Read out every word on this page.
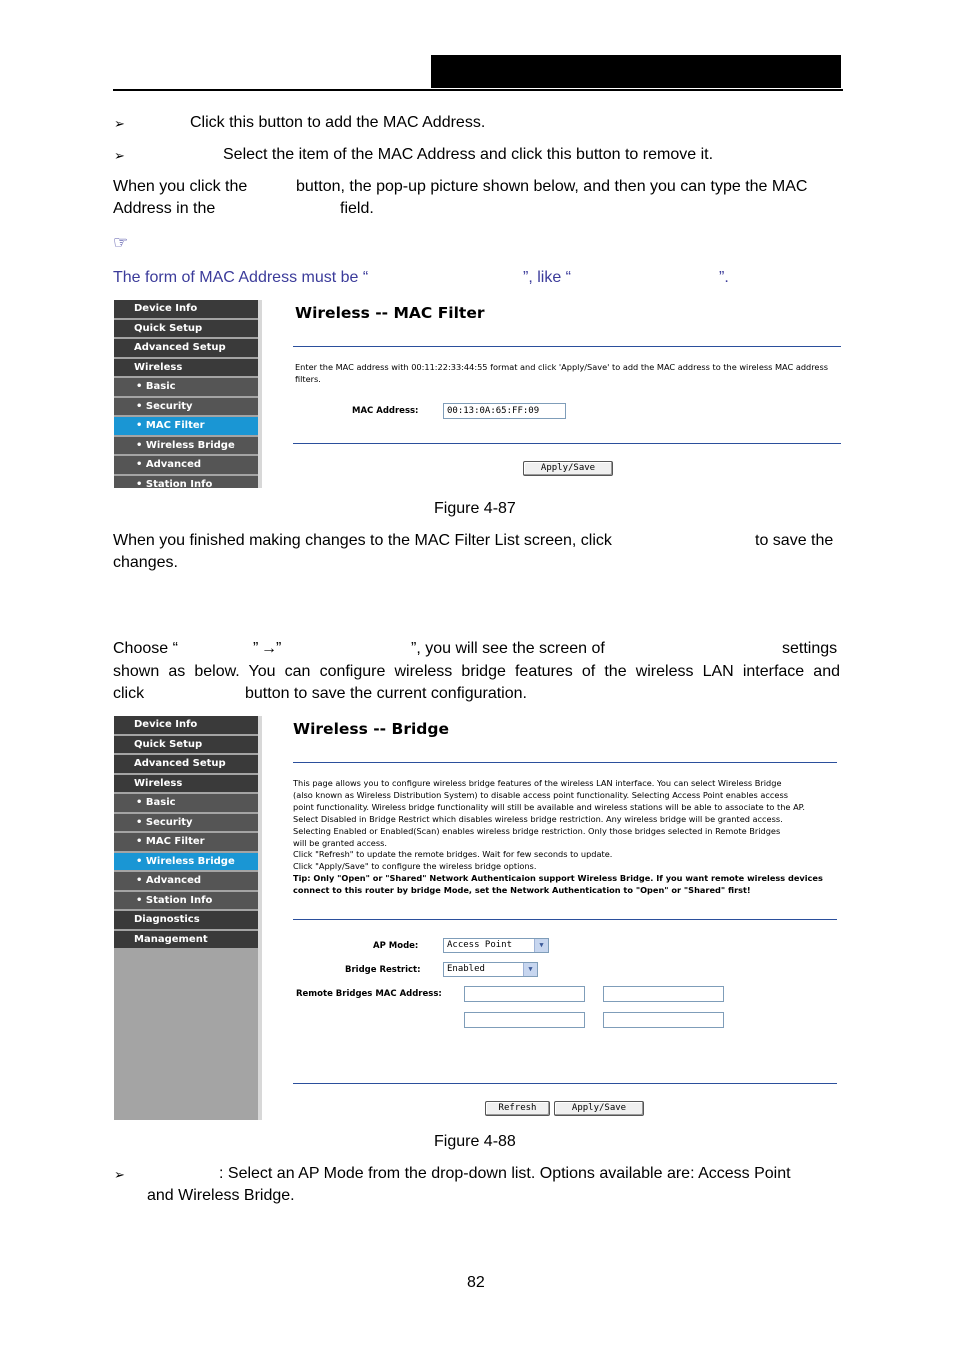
➢	Click this button to add the MAC Address.
➢	Select the item of the MAC Address and click this button to remove it.
When you click the	button, the pop-up picture shown below, and then you can type the MAC
Address in the	field.
☞
The form of MAC Address must be “	”, like “	”.
Device Info
Quick Setup
Advanced Setup
Wireless
• Basic
• Security
• MAC Filter
• Wireless Bridge
• Advanced
• Station Info
Wireless -- MAC Filter
Enter the MAC address with 00:11:22:33:44:55 format and click 'Apply/Save' to add the MAC address to the wireless MAC address filters.
MAC Address:	00:13:0A:65:FF:09
Apply/Save
Figure 4-87
When you finished making changes to the MAC Filter List screen, click	to save the
changes.
Choose “	” → ”	”, you will see the screen of	settings
shown as below. You can configure wireless bridge features of the wireless LAN interface and
click	button to save the current configuration.
Device Info
Quick Setup
Advanced Setup
Wireless
• Basic
• Security
• MAC Filter
• Wireless Bridge
• Advanced
• Station Info
Diagnostics
Management
Wireless -- Bridge
This page allows you to configure wireless bridge features of the wireless LAN interface. You can select Wireless Bridge
(also known as Wireless Distribution System) to disable access point functionality. Selecting Access Point enables access
point functionality. Wireless bridge functionality will still be available and wireless stations will be able to associate to the AP.
Select Disabled in Bridge Restrict which disables wireless bridge restriction. Any wireless bridge will be granted access.
Selecting Enabled or Enabled(Scan) enables wireless bridge restriction. Only those bridges selected in Remote Bridges
will be granted access.
Click "Refresh" to update the remote bridges. Wait for few seconds to update.
Click "Apply/Save" to configure the wireless bridge options.
Tip: Only "Open" or "Shared" Network Authenticaion support Wireless Bridge. If you want remote wireless devices
connect to this router by bridge Mode, set the Network Authentication to "Open" or "Shared" first!
AP Mode:	Access Point	▼
Bridge Restrict:	Enabled	▼
Remote Bridges MAC Address:
Refresh	Apply/Save
Figure 4-88
➢	: Select an AP Mode from the drop-down list. Options available are: Access Point
and Wireless Bridge.
82
